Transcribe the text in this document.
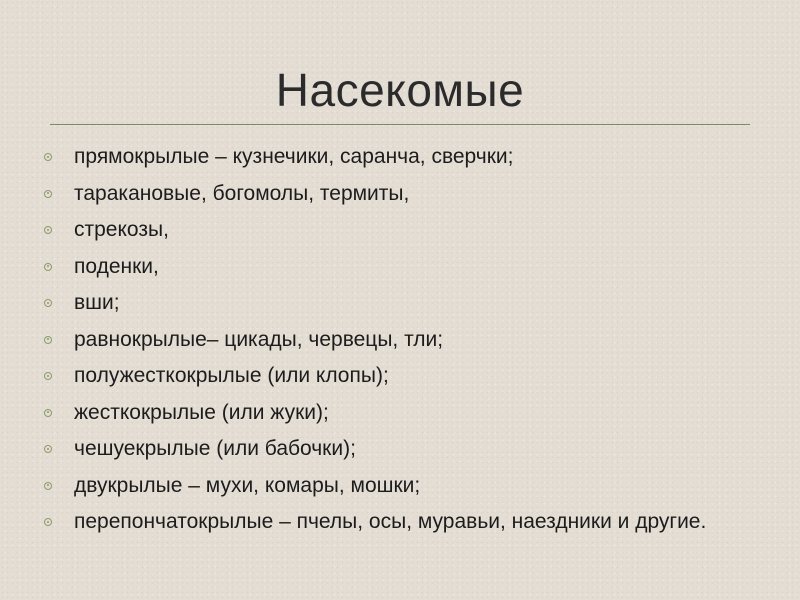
Насекомые
прямокрылые – кузнечики, саранча, сверчки;
таракановые, богомолы, термиты,
стрекозы,
поденки,
вши;
равнокрылые– цикады, червецы, тли;
полужесткокрылые (или клопы);
жесткокрылые (или жуки);
чешуекрылые (или бабочки);
двукрылые – мухи, комары, мошки;
перепончатокрылые – пчелы, осы, муравьи, наездники и другие.
